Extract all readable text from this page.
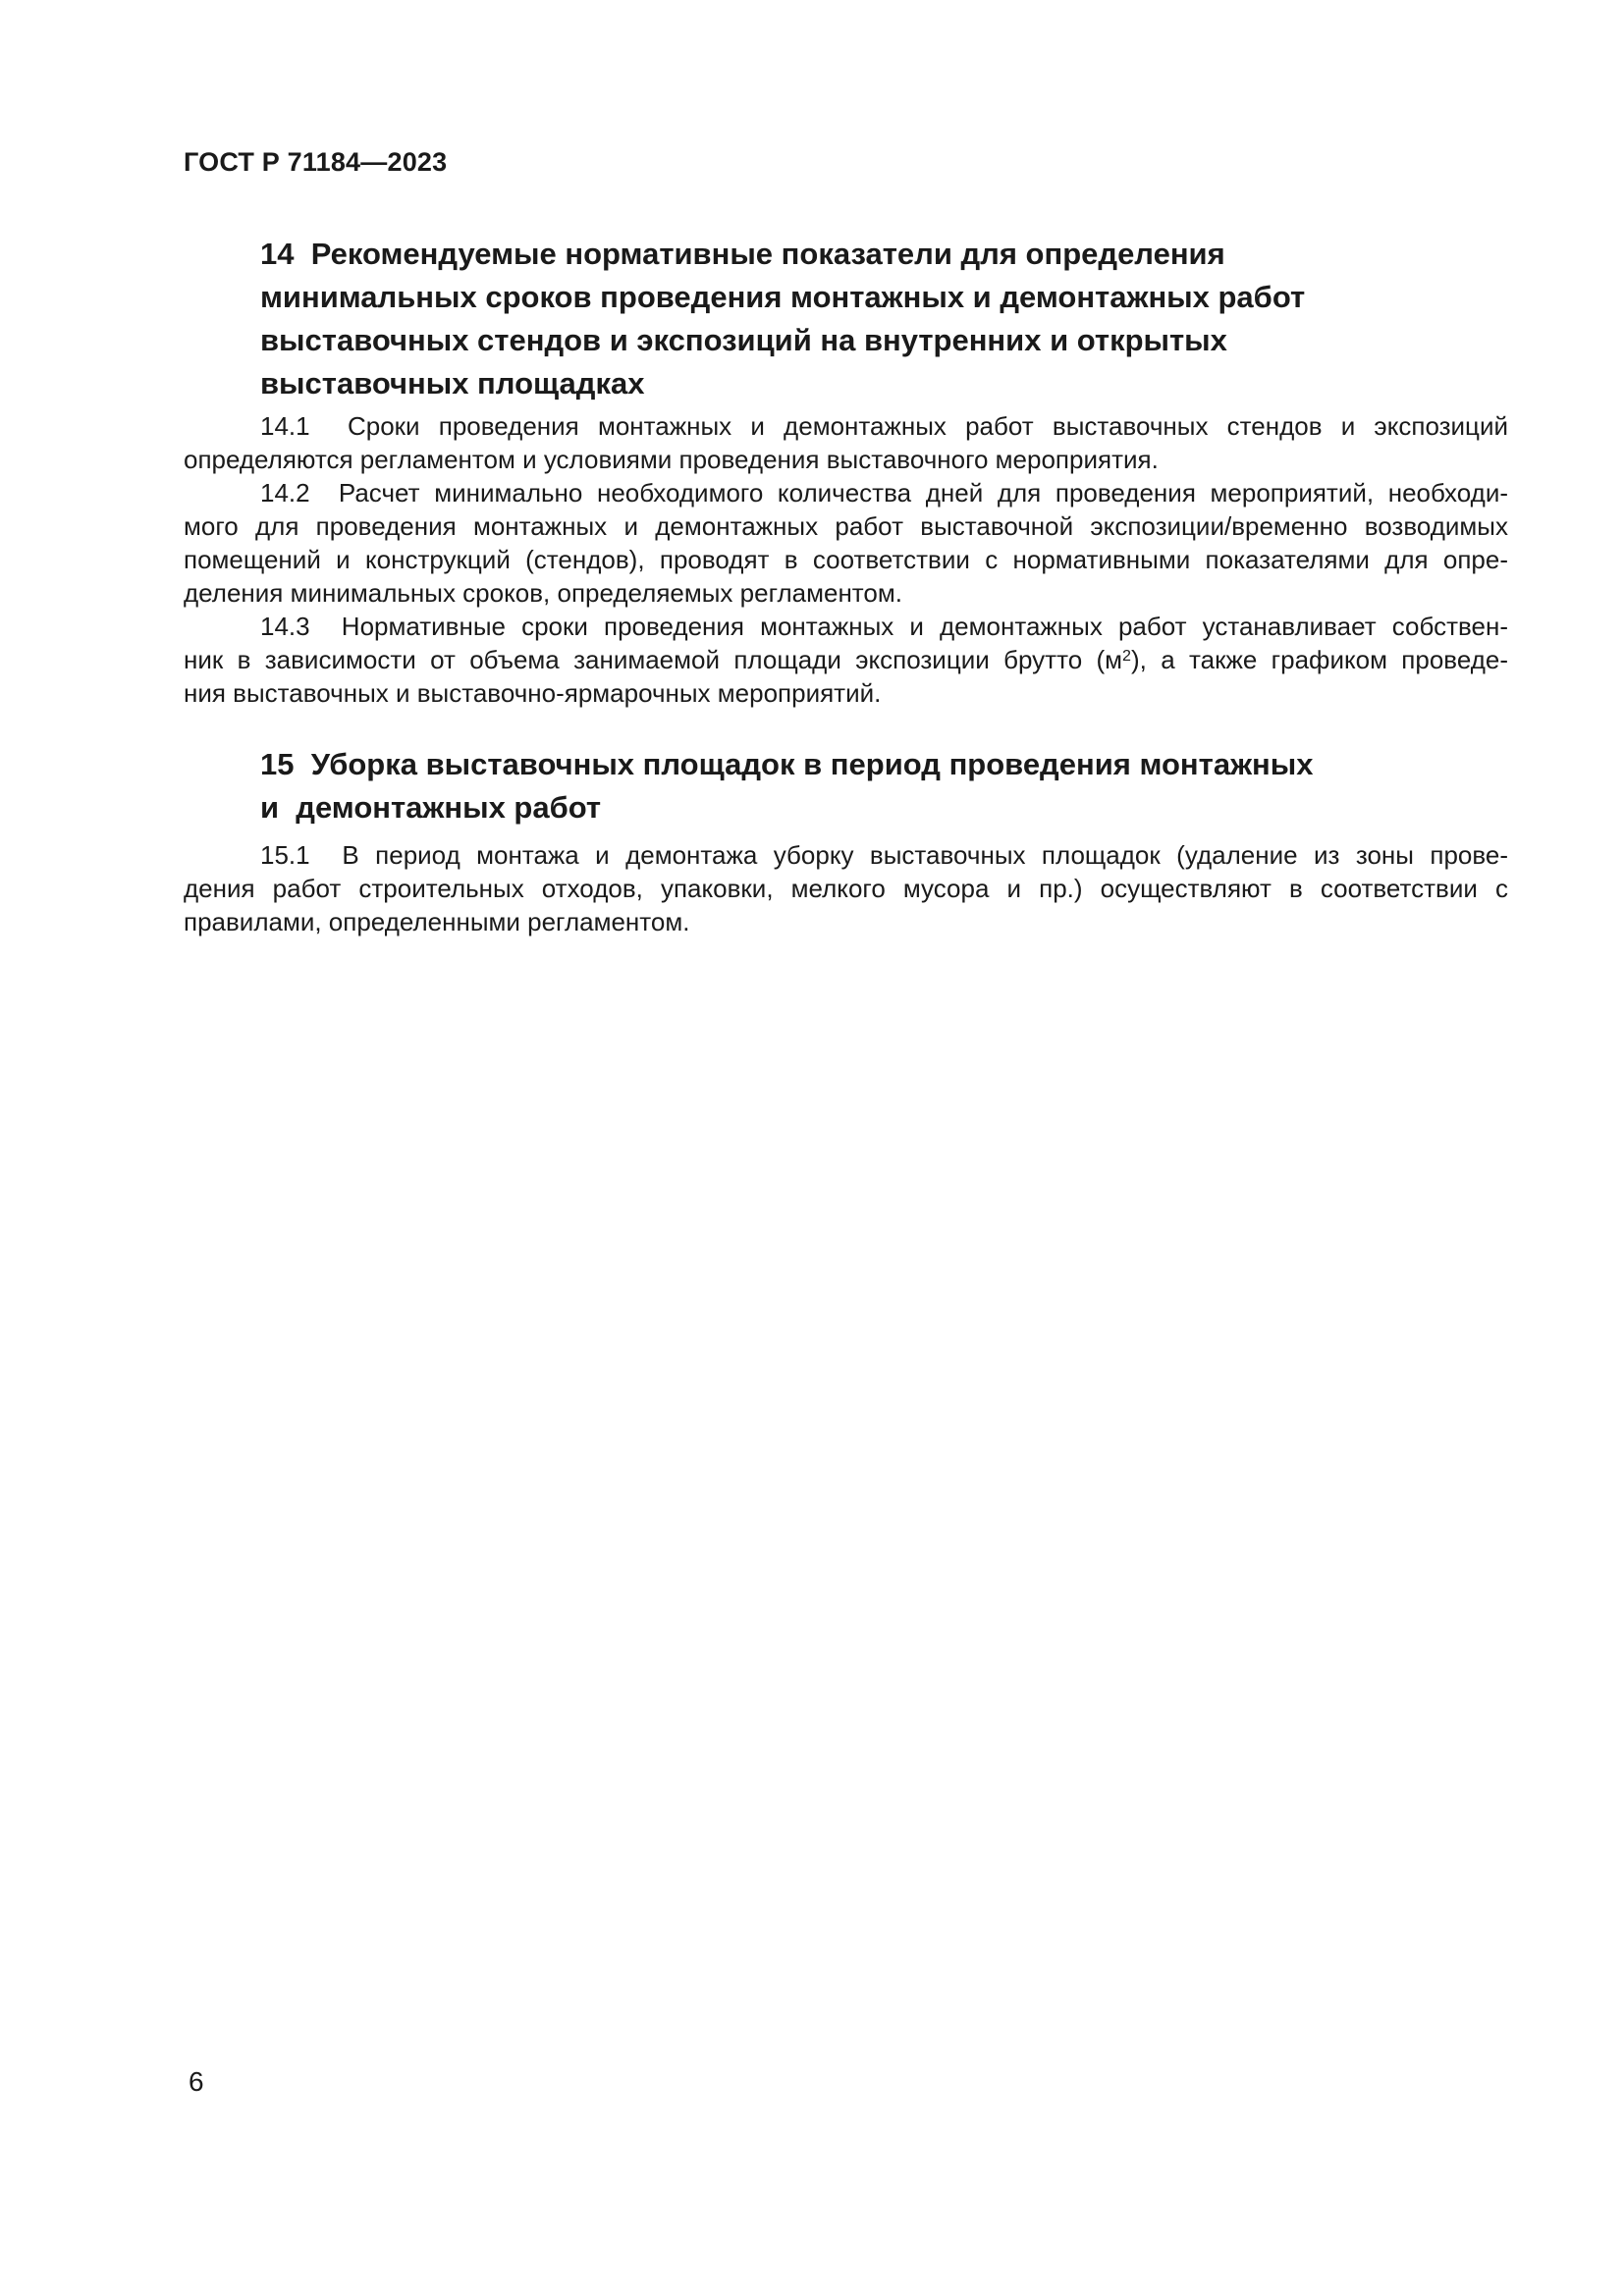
ГОСТ Р 71184—2023
14  Рекомендуемые нормативные показатели для определения
минимальных сроков проведения монтажных и демонтажных работ
выставочных стендов и экспозиций на внутренних и открытых
выставочных площадках
14.1  Сроки проведения монтажных и демонтажных работ выставочных стендов и экспозиций
определяются регламентом и условиями проведения выставочного мероприятия.
14.2  Расчет минимально необходимого количества дней для проведения мероприятий, необходи-
мого для проведения монтажных и демонтажных работ выставочной экспозиции/временно возводимых
помещений и конструкций (стендов), проводят в соответствии с нормативными показателями для опре-
деления минимальных сроков, определяемых регламентом.
14.3  Нормативные сроки проведения монтажных и демонтажных работ устанавливает собствен-
ник в зависимости от объема занимаемой площади экспозиции брутто $(м^2)$, а также графиком проведе-
ния выставочных и выставочно-ярмарочных мероприятий.
15  Уборка выставочных площадок в период проведения монтажных
и  демонтажных работ
15.1  В период монтажа и демонтажа уборку выставочных площадок (удаление из зоны прове-
дения работ строительных отходов, упаковки, мелкого мусора и пр.) осуществляют в соответствии с
правилами, определенными регламентом.
6
